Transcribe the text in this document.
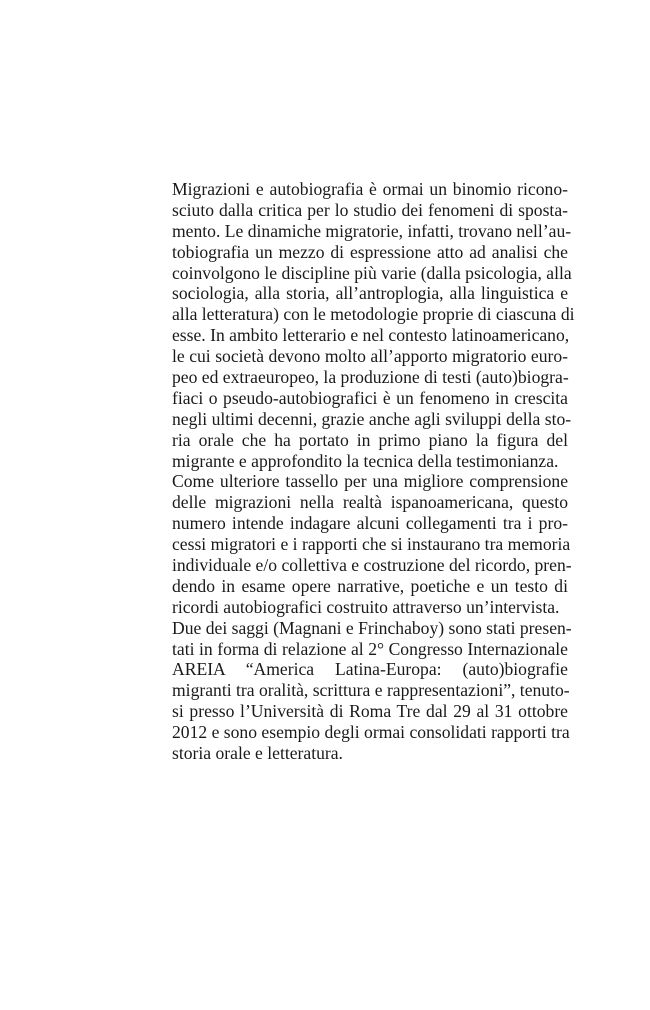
Migrazioni e autobiografia è ormai un binomio ricono-
sciuto dalla critica per lo studio dei fenomeni di sposta-
mento. Le dinamiche migratorie, infatti, trovano nell’au-
tobiografia un mezzo di espressione atto ad analisi che
coinvolgono le discipline più varie (dalla psicologia, alla
sociologia, alla storia, all’antroplogia, alla linguistica e
alla letteratura) con le metodologie proprie di ciascuna di
esse. In ambito letterario e nel contesto latinoamericano,
le cui società devono molto all’apporto migratorio euro-
peo ed extraeuropeo, la produzione di testi (auto)biogra-
fiaci o pseudo-autobiografici è un fenomeno in crescita
negli ultimi decenni, grazie anche agli sviluppi della sto-
ria orale che ha portato in primo piano la figura del
migrante e approfondito la tecnica della testimonianza.
Come ulteriore tassello per una migliore comprensione
delle migrazioni nella realtà ispanoamericana, questo
numero intende indagare alcuni collegamenti tra i pro-
cessi migratori e i rapporti che si instaurano tra memoria
individuale e/o collettiva e costruzione del ricordo, pren-
dendo in esame opere narrative, poetiche e un testo di
ricordi autobiografici costruito attraverso un’intervista.
Due dei saggi (Magnani e Frinchaboy) sono stati presen-
tati in forma di relazione al 2° Congresso Internazionale
AREIA “America Latina-Europa: (auto)biografie
migranti tra oralità, scrittura e rappresentazioni”, tenuto-
si presso l’Università di Roma Tre dal 29 al 31 ottobre
2012 e sono esempio degli ormai consolidati rapporti tra
storia orale e letteratura.
